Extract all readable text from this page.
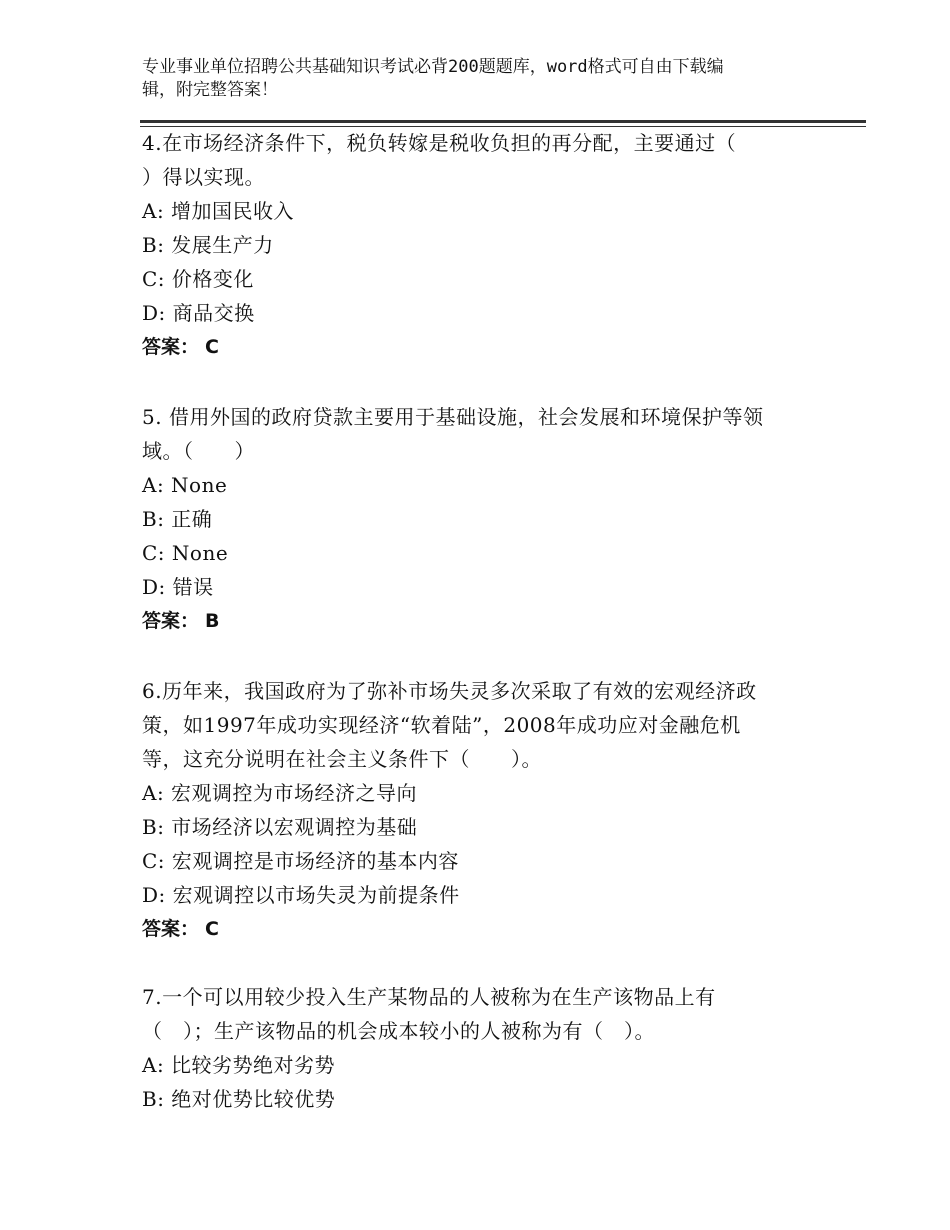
专业事业单位招聘公共基础知识考试必背200题题库，word格式可自由下载编
辑，附完整答案！
4.在市场经济条件下，税负转嫁是税收负担的再分配，主要通过（
）得以实现。
A: 增加国民收入
B: 发展生产力
C: 价格变化
D: 商品交换
答案： C
5. 借用外国的政府贷款主要用于基础设施，社会发展和环境保护等领
域。（　　）
A: None
B: 正确
C: None
D: 错误
答案： B
6.历年来，我国政府为了弥补市场失灵多次采取了有效的宏观经济政
策，如1997年成功实现经济“软着陆”，2008年成功应对金融危机
等，这充分说明在社会主义条件下（　　）。
A: 宏观调控为市场经济之导向
B: 市场经济以宏观调控为基础
C: 宏观调控是市场经济的基本内容
D: 宏观调控以市场失灵为前提条件
答案： C
7.一个可以用较少投入生产某物品的人被称为在生产该物品上有
（　）；生产该物品的机会成本较小的人被称为有（　）。
A: 比较劣势绝对劣势
B: 绝对优势比较优势
